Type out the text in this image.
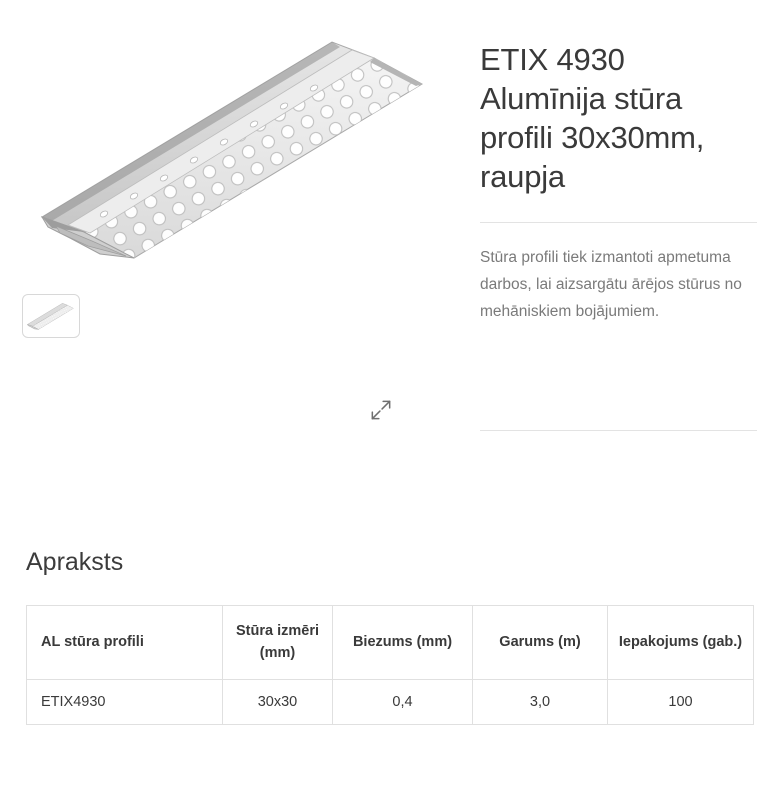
ETIX 4930 Alumīnija stūra profili 30x30mm, raupja

Stūra profili tiek izmantoti apmetuma darbos, lai aizsargātu ārējos stūrus no mehāniskiem bojājumiem.

Apraksts
AL stūra profili	Stūra izmēri (mm)	Biezums (mm)	Garums (m)	Iepakojums (gab.)
ETIX4930	30x30	0,4	3,0	100
